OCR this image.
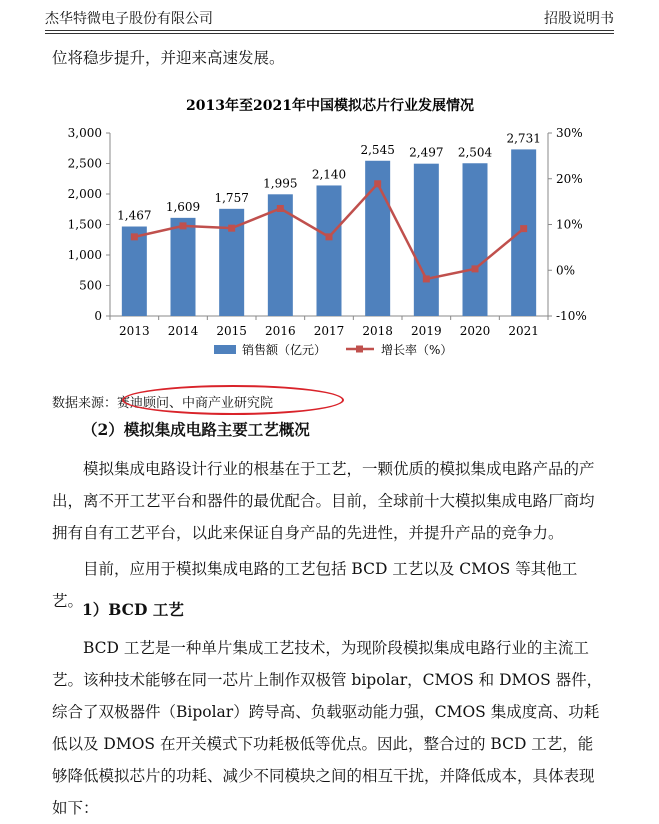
杰华特微电子股份有限公司	招股说明书
位将稳步提升，并迎来高速发展。
2013年至2021年中国模拟芯片行业发展情况
0
500
1,000
1,500
2,000
2,500
3,000
-10%
0%
10%
20%
30%
2013 2014 2015 2016 2017 2018 2019 2020 2021
1,467
1,609
1,757
1,995
2,140
2,545 2,497 2,504
2,731
销售额（亿元）	增长率（%）
数据来源：赛迪顾问、中商产业研究院
（2）模拟集成电路主要工艺概况
模拟集成电路设计行业的根基在于工艺，一颗优质的模拟集成电路产品的产出，离不开工艺平台和器件的最优配合。目前，全球前十大模拟集成电路厂商均拥有自有工艺平台，以此来保证自身产品的先进性，并提升产品的竞争力。
目前，应用于模拟集成电路的工艺包括 BCD 工艺以及 CMOS 等其他工艺。
1）BCD 工艺
BCD 工艺是一种单片集成工艺技术，为现阶段模拟集成电路行业的主流工艺。该种技术能够在同一芯片上制作双极管 bipolar，CMOS 和 DMOS 器件，综合了双极器件（Bipolar）跨导高、负载驱动能力强，CMOS 集成度高、功耗低以及 DMOS 在开关模式下功耗极低等优点。因此，整合过的 BCD 工艺，能够降低模拟芯片的功耗、减少不同模块之间的相互干扰，并降低成本，具体表现如下：
